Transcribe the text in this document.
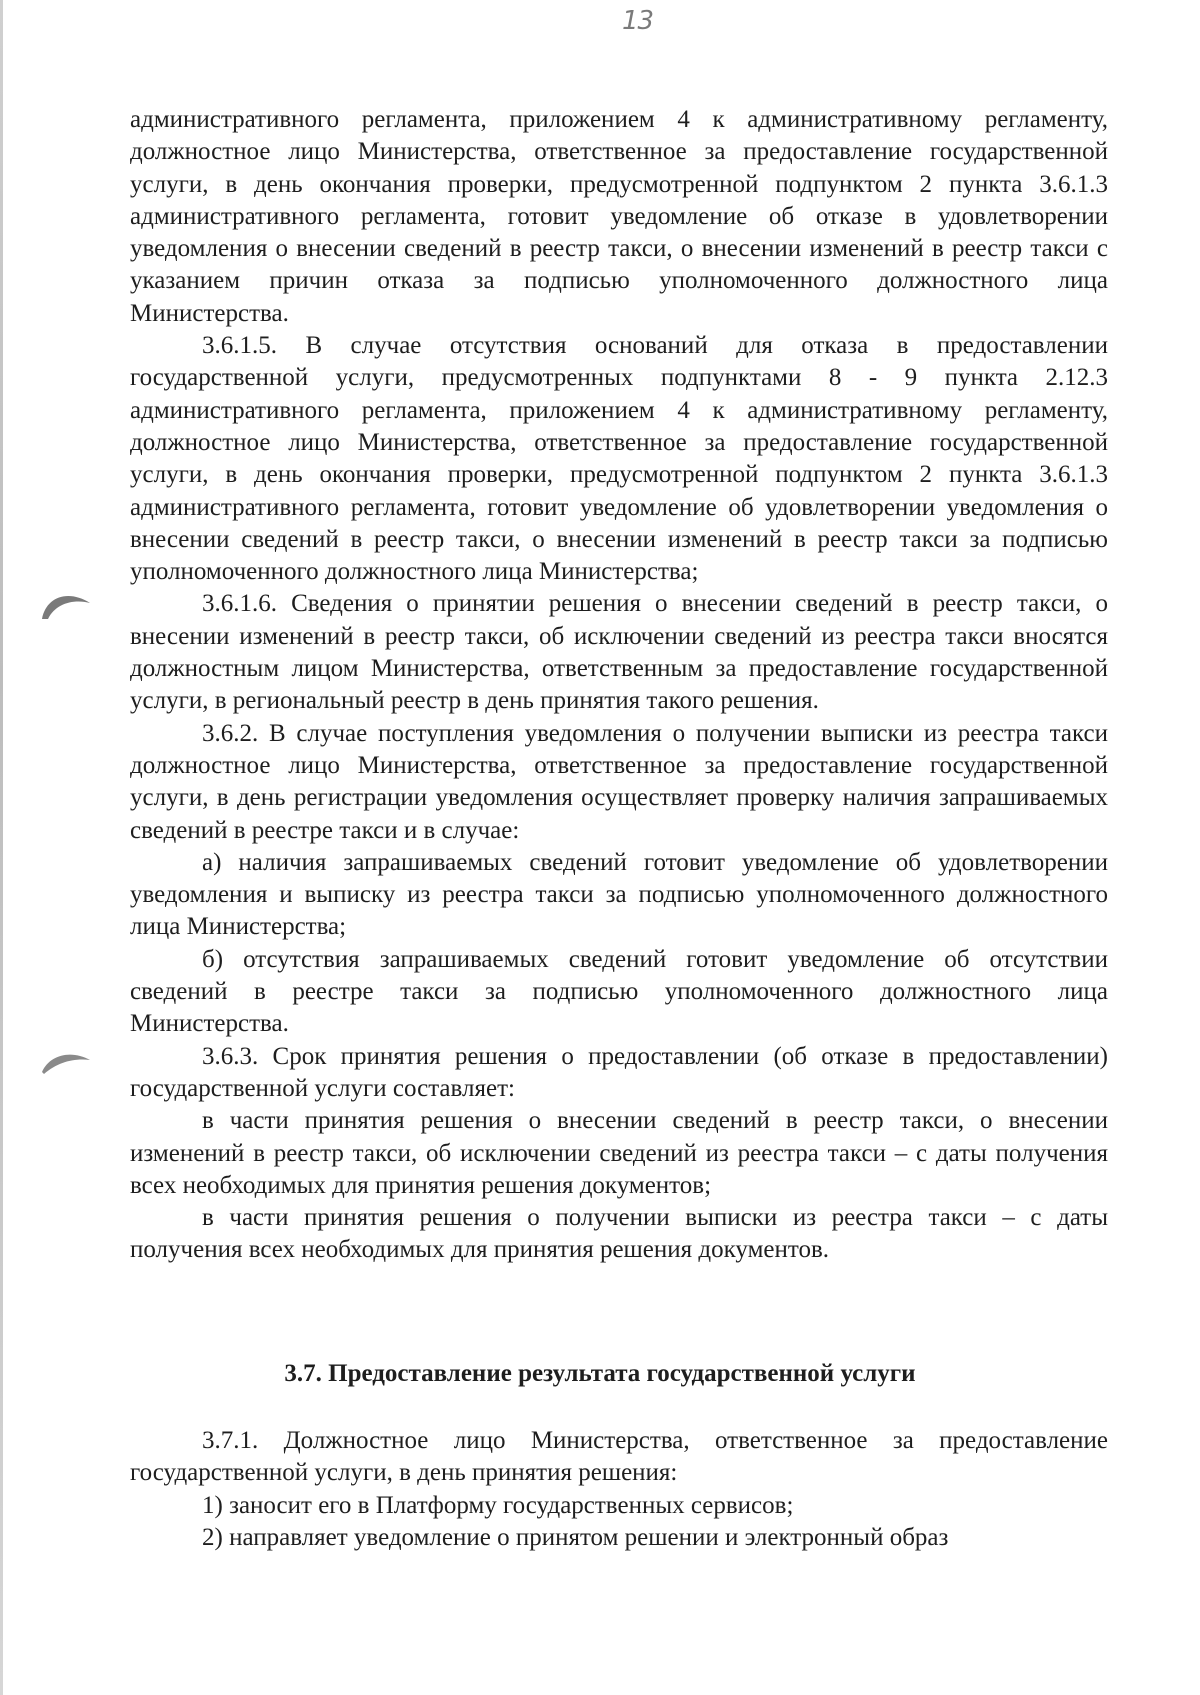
13

административного регламента, приложением 4 к административному регламенту, должностное лицо Министерства, ответственное за предоставление государственной услуги, в день окончания проверки, предусмотренной подпунктом 2 пункта 3.6.1.3 административного регламента, готовит уведомление об отказе в удовлетворении уведомления о внесении сведений в реестр такси, о внесении изменений в реестр такси с указанием причин отказа за подписью уполномоченного должностного лица Министерства.

3.6.1.5. В случае отсутствия оснований для отказа в предоставлении государственной услуги, предусмотренных подпунктами 8 - 9 пункта 2.12.3 административного регламента, приложением 4 к административному регламенту, должностное лицо Министерства, ответственное за предоставление государственной услуги, в день окончания проверки, предусмотренной подпунктом 2 пункта 3.6.1.3 административного регламента, готовит уведомление об удовлетворении уведомления о внесении сведений в реестр такси, о внесении изменений в реестр такси за подписью уполномоченного должностного лица Министерства;

3.6.1.6. Сведения о принятии решения о внесении сведений в реестр такси, о внесении изменений в реестр такси, об исключении сведений из реестра такси вносятся должностным лицом Министерства, ответственным за предоставление государственной услуги, в региональный реестр в день принятия такого решения.

3.6.2. В случае поступления уведомления о получении выписки из реестра такси должностное лицо Министерства, ответственное за предоставление государственной услуги, в день регистрации уведомления осуществляет проверку наличия запрашиваемых сведений в реестре такси и в случае:

а) наличия запрашиваемых сведений готовит уведомление об удовлетворении уведомления и выписку из реестра такси за подписью уполномоченного должностного лица Министерства;

б) отсутствия запрашиваемых сведений готовит уведомление об отсутствии сведений в реестре такси за подписью уполномоченного должностного лица Министерства.

3.6.3. Срок принятия решения о предоставлении (об отказе в предоставлении) государственной услуги составляет:

в части принятия решения о внесении сведений в реестр такси, о внесении изменений в реестр такси, об исключении сведений из реестра такси – с даты получения всех необходимых для принятия решения документов;

в части принятия решения о получении выписки из реестра такси – с даты получения всех необходимых для принятия решения документов.

3.7. Предоставление результата государственной услуги

3.7.1. Должностное лицо Министерства, ответственное за предоставление государственной услуги, в день принятия решения:

1) заносит его в Платформу государственных сервисов;

2) направляет уведомление о принятом решении и электронный образ
